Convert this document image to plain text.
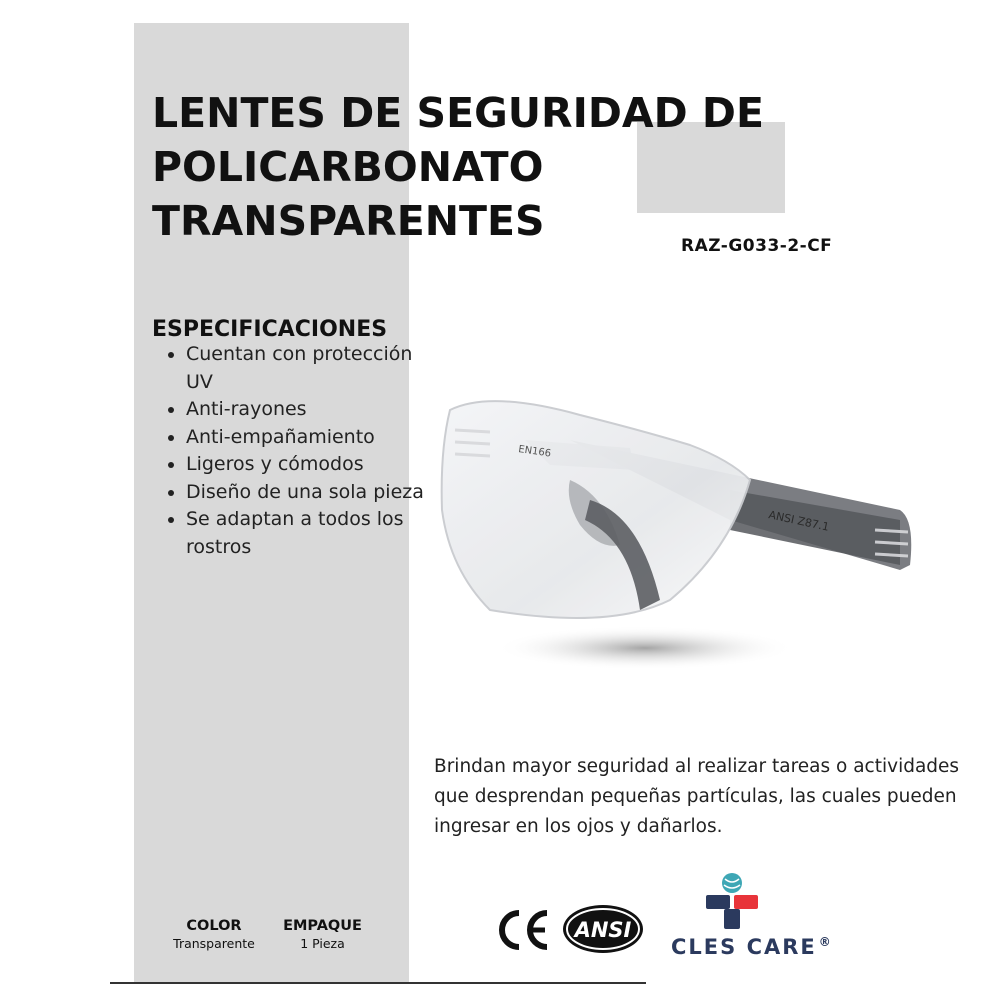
LENTES DE SEGURIDAD DE
POLICARBONATO
TRANSPARENTES
RAZ-G033-2-CF
ESPECIFICACIONES
• Cuentan con protección UV
• Anti-rayones
• Anti-empañamiento
• Ligeros y cómodos
• Diseño de una sola pieza
• Se adaptan a todos los rostros
ANSI Z87.1
EN166

Brindan mayor seguridad al realizar tareas o actividades que desprendan pequeñas partículas, las cuales pueden ingresar en los ojos y dañarlos.

COLOR
Transparente
EMPAQUE
1 Pieza
ANSI
CLES CARE ®
